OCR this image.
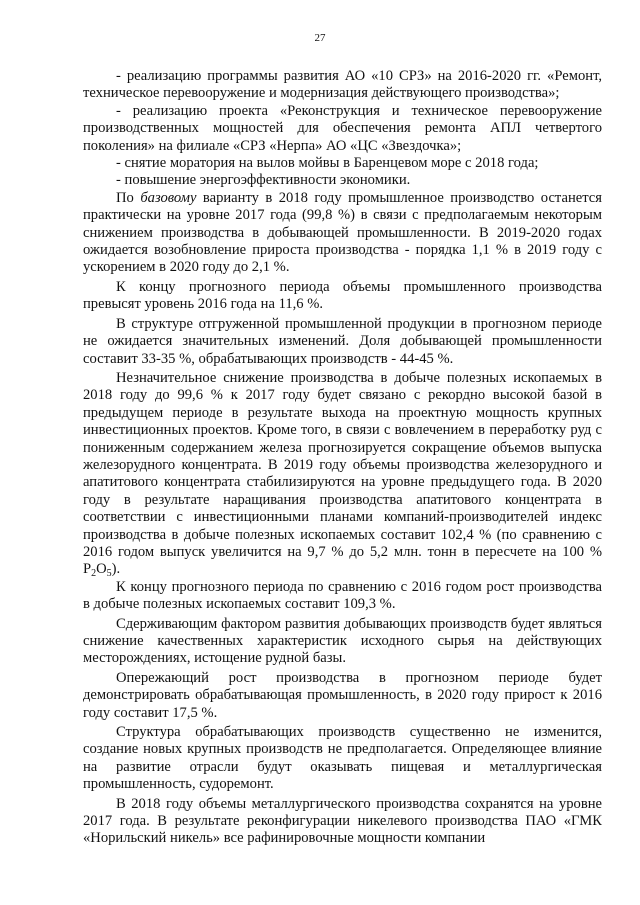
27

- реализацию программы развития АО «10 СРЗ» на 2016-2020 гг. «Ремонт, техническое перевооружение и модернизация действующего производства»;

- реализацию проекта «Реконструкция и техническое перевооружение производственных мощностей для обеспечения ремонта АПЛ четвертого поколения» на филиале «СРЗ «Нерпа» АО «ЦС «Звездочка»;

- снятие моратория на вылов мойвы в Баренцевом море с 2018 года;

- повышение энергоэффективности экономики.

По базовому варианту в 2018 году промышленное производство останется практически на уровне 2017 года (99,8 %) в связи с предполагаемым некоторым снижением производства в добывающей промышленности. В 2019-2020 годах ожидается возобновление прироста производства - порядка 1,1 % в 2019 году с ускорением в 2020 году до 2,1 %.

К концу прогнозного периода объемы промышленного производства превысят уровень 2016 года на 11,6 %.

В структуре отгруженной промышленной продукции в прогнозном периоде не ожидается значительных изменений. Доля добывающей промышленности составит 33-35 %, обрабатывающих производств - 44-45 %.

Незначительное снижение производства в добыче полезных ископаемых в 2018 году до 99,6 % к 2017 году будет связано с рекордно высокой базой в предыдущем периоде в результате выхода на проектную мощность крупных инвестиционных проектов. Кроме того, в связи с вовлечением в переработку руд с пониженным содержанием железа прогнозируется сокращение объемов выпуска железорудного концентрата. В 2019 году объемы производства железорудного и апатитового концентрата стабилизируются на уровне предыдущего года. В 2020 году в результате наращивания производства апатитового концентрата в соответствии с инвестиционными планами компаний-производителей индекс производства в добыче полезных ископаемых составит 102,4 % (по сравнению с 2016 годом выпуск увеличится на 9,7 % до 5,2 млн. тонн в пересчете на 100 % $P_2O_5$).

К концу прогнозного периода по сравнению с 2016 годом рост производства в добыче полезных ископаемых составит 109,3 %.

Сдерживающим фактором развития добывающих производств будет являться снижение качественных характеристик исходного сырья на действующих месторождениях, истощение рудной базы.

Опережающий рост производства в прогнозном периоде будет демонстрировать обрабатывающая промышленность, в 2020 году прирост к 2016 году составит 17,5 %.

Структура обрабатывающих производств существенно не изменится, создание новых крупных производств не предполагается. Определяющее влияние на развитие отрасли будут оказывать пищевая и металлургическая промышленность, судоремонт.

В 2018 году объемы металлургического производства сохранятся на уровне 2017 года. В результате реконфигурации никелевого производства ПАО «ГМК «Норильский никель» все рафинировочные мощности компании
